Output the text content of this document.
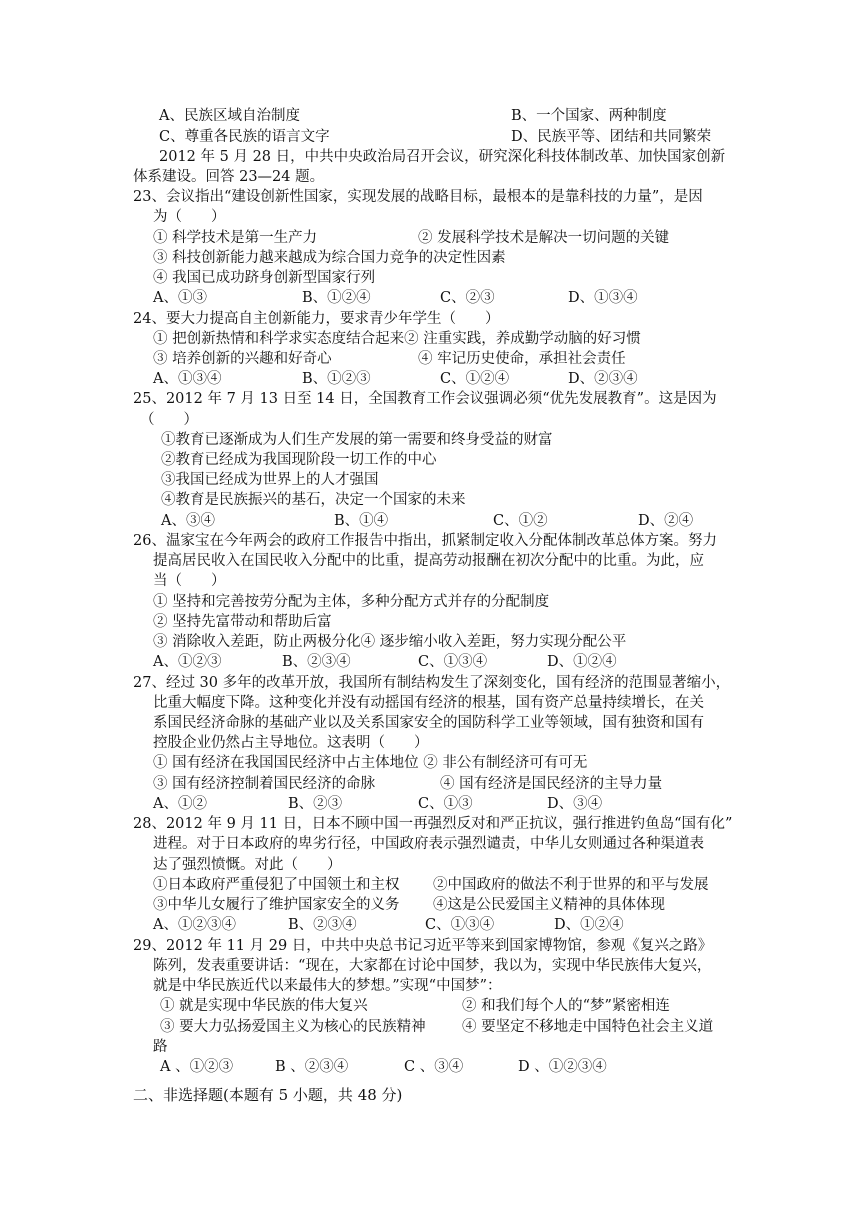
A、民族区域自治制度	B、一个国家、两种制度
C、尊重各民族的语言文字	D、民族平等、团结和共同繁荣
2012 年 5 月 28 日，中共中央政治局召开会议，研究深化科技体制改革、加快国家创新
体系建设。回答 23—24 题。
23、会议指出“建设创新性国家，实现发展的战略目标，最根本的是靠科技的力量”，是因
为（　　）
① 科学技术是第一生产力	② 发展科学技术是解决一切问题的关键
③ 科技创新能力越来越成为综合国力竞争的决定性因素
④ 我国已成功跻身创新型国家行列
A、①③	B、①②④	C、②③	D、①③④
24、要大力提高自主创新能力，要求青少年学生（　　）
① 把创新热情和科学求实态度结合起来② 注重实践，养成勤学动脑的好习惯
③ 培养创新的兴趣和好奇心	④ 牢记历史使命，承担社会责任
A、①③④	B、①②③	C、①②④	D、②③④
25、2012 年 7 月 13 日至 14 日，全国教育工作会议强调必须“优先发展教育”。这是因为
（　　）
①教育已逐渐成为人们生产发展的第一需要和终身受益的财富
②教育已经成为我国现阶段一切工作的中心
③我国已经成为世界上的人才强国
④教育是民族振兴的基石，决定一个国家的未来
A、③④	B、①④	C、①②	D、②④
26、温家宝在今年两会的政府工作报告中指出，抓紧制定收入分配体制改革总体方案。努力
提高居民收入在国民收入分配中的比重，提高劳动报酬在初次分配中的比重。为此，应
当（　　）
① 坚持和完善按劳分配为主体，多种分配方式并存的分配制度
② 坚持先富带动和帮助后富
③ 消除收入差距，防止两极分化④ 逐步缩小收入差距，努力实现分配公平
A、①②③	B、②③④	C、①③④	D、①②④
27、经过 30 多年的改革开放，我国所有制结构发生了深刻变化，国有经济的范围显著缩小，
比重大幅度下降。这种变化并没有动摇国有经济的根基，国有资产总量持续增长，在关
系国民经济命脉的基础产业以及关系国家安全的国防科学工业等领域，国有独资和国有
控股企业仍然占主导地位。这表明（　　）
① 国有经济在我国国民经济中占主体地位 ② 非公有制经济可有可无
③ 国有经济控制着国民经济的命脉	④ 国有经济是国民经济的主导力量
A、①②	B、②③	C、①③	D、③④
28、2012 年 9 月 11 日，日本不顾中国一再强烈反对和严正抗议，强行推进钓鱼岛“国有化”
进程。对于日本政府的卑劣行径，中国政府表示强烈谴责，中华儿女则通过各种渠道表
达了强烈愤慨。对此（　　）
①日本政府严重侵犯了中国领土和主权 ②中国政府的做法不利于世界的和平与发展
③中华儿女履行了维护国家安全的义务 ④这是公民爱国主义精神的具体体现
A、①②③④	B、②③④	C、①③④	D、①②④
29、2012 年 11 月 29 日，中共中央总书记习近平等来到国家博物馆，参观《复兴之路》
陈列，发表重要讲话：“现在，大家都在讨论中国梦，我以为，实现中华民族伟大复兴，
就是中华民族近代以来最伟大的梦想。”实现“中国梦”：
① 就是实现中华民族的伟大复兴	② 和我们每个人的“梦”紧密相连
③ 要大力弘扬爱国主义为核心的民族精神	④ 要坚定不移地走中国特色社会主义道
路
A 、①②③	B 、②③④	C 、③④	D 、①②③④
二、非选择题(本题有 5 小题，共 48 分)
